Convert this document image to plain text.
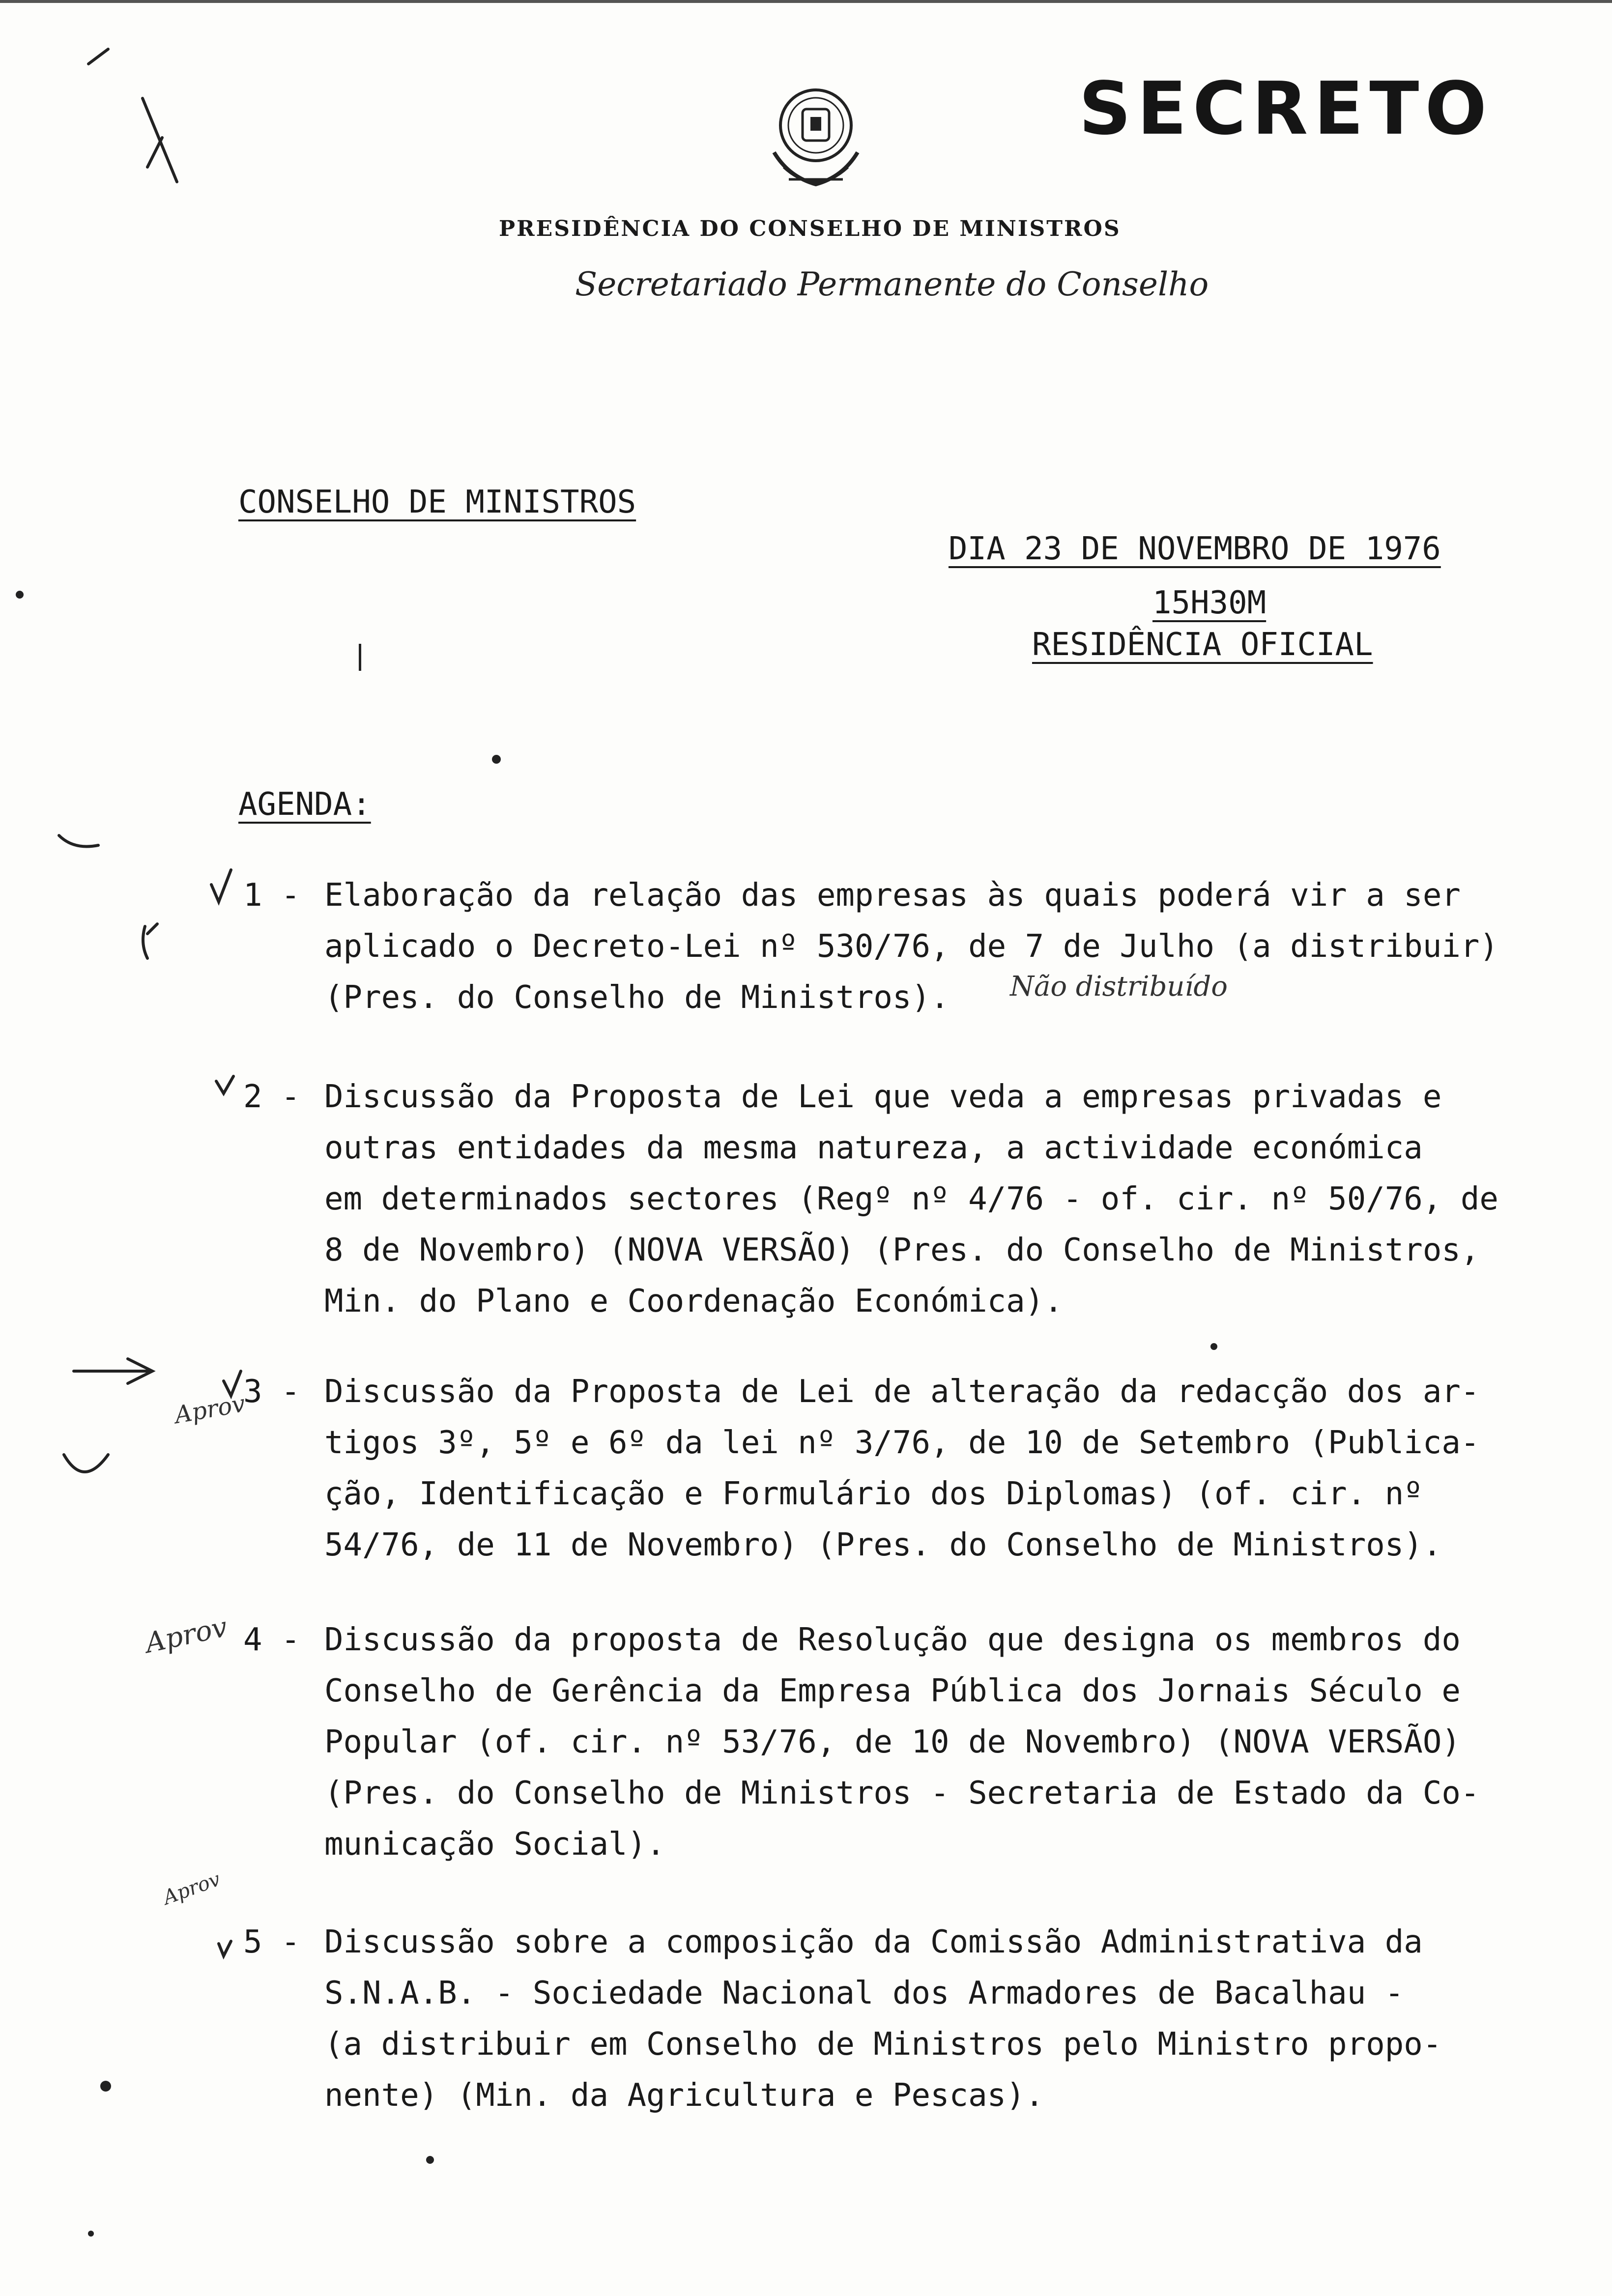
SECRETO
PRESIDÊNCIA DO CONSELHO DE MINISTROS
Secretariado Permanente do Conselho
CONSELHO DE MINISTROS
DIA 23 DE NOVEMBRO DE 1976
15H30M
RESIDÊNCIA OFICIAL
AGENDA:
1 - Elaboração da relação das empresas às quais poderá vir a ser
aplicado o Decreto-Lei nº 530/76, de 7 de Julho (a distribuir)
(Pres. do Conselho de Ministros).
2 - Discussão da Proposta de Lei que veda a empresas privadas e
outras entidades da mesma natureza, a actividade económica
em determinados sectores (Regº nº 4/76 - of. cir. nº 50/76, de
8 de Novembro) (NOVA VERSÃO) (Pres. do Conselho de Ministros,
Min. do Plano e Coordenação Económica).
3 - Discussão da Proposta de Lei de alteração da redacção dos ar-
tigos 3º, 5º e 6º da lei nº 3/76, de 10 de Setembro (Publica-
ção, Identificação e Formulário dos Diplomas) (of. cir. nº
54/76, de 11 de Novembro) (Pres. do Conselho de Ministros).
4 - Discussão da proposta de Resolução que designa os membros do
Conselho de Gerência da Empresa Pública dos Jornais Século e
Popular (of. cir. nº 53/76, de 10 de Novembro) (NOVA VERSÃO)
(Pres. do Conselho de Ministros - Secretaria de Estado da Co-
municação Social).
5 - Discussão sobre a composição da Comissão Administrativa da
S.N.A.B. - Sociedade Nacional dos Armadores de Bacalhau -
(a distribuir em Conselho de Ministros pelo Ministro propo-
nente) (Min. da Agricultura e Pescas).
Não distribuído
Aprov
Aprov
Aprov
